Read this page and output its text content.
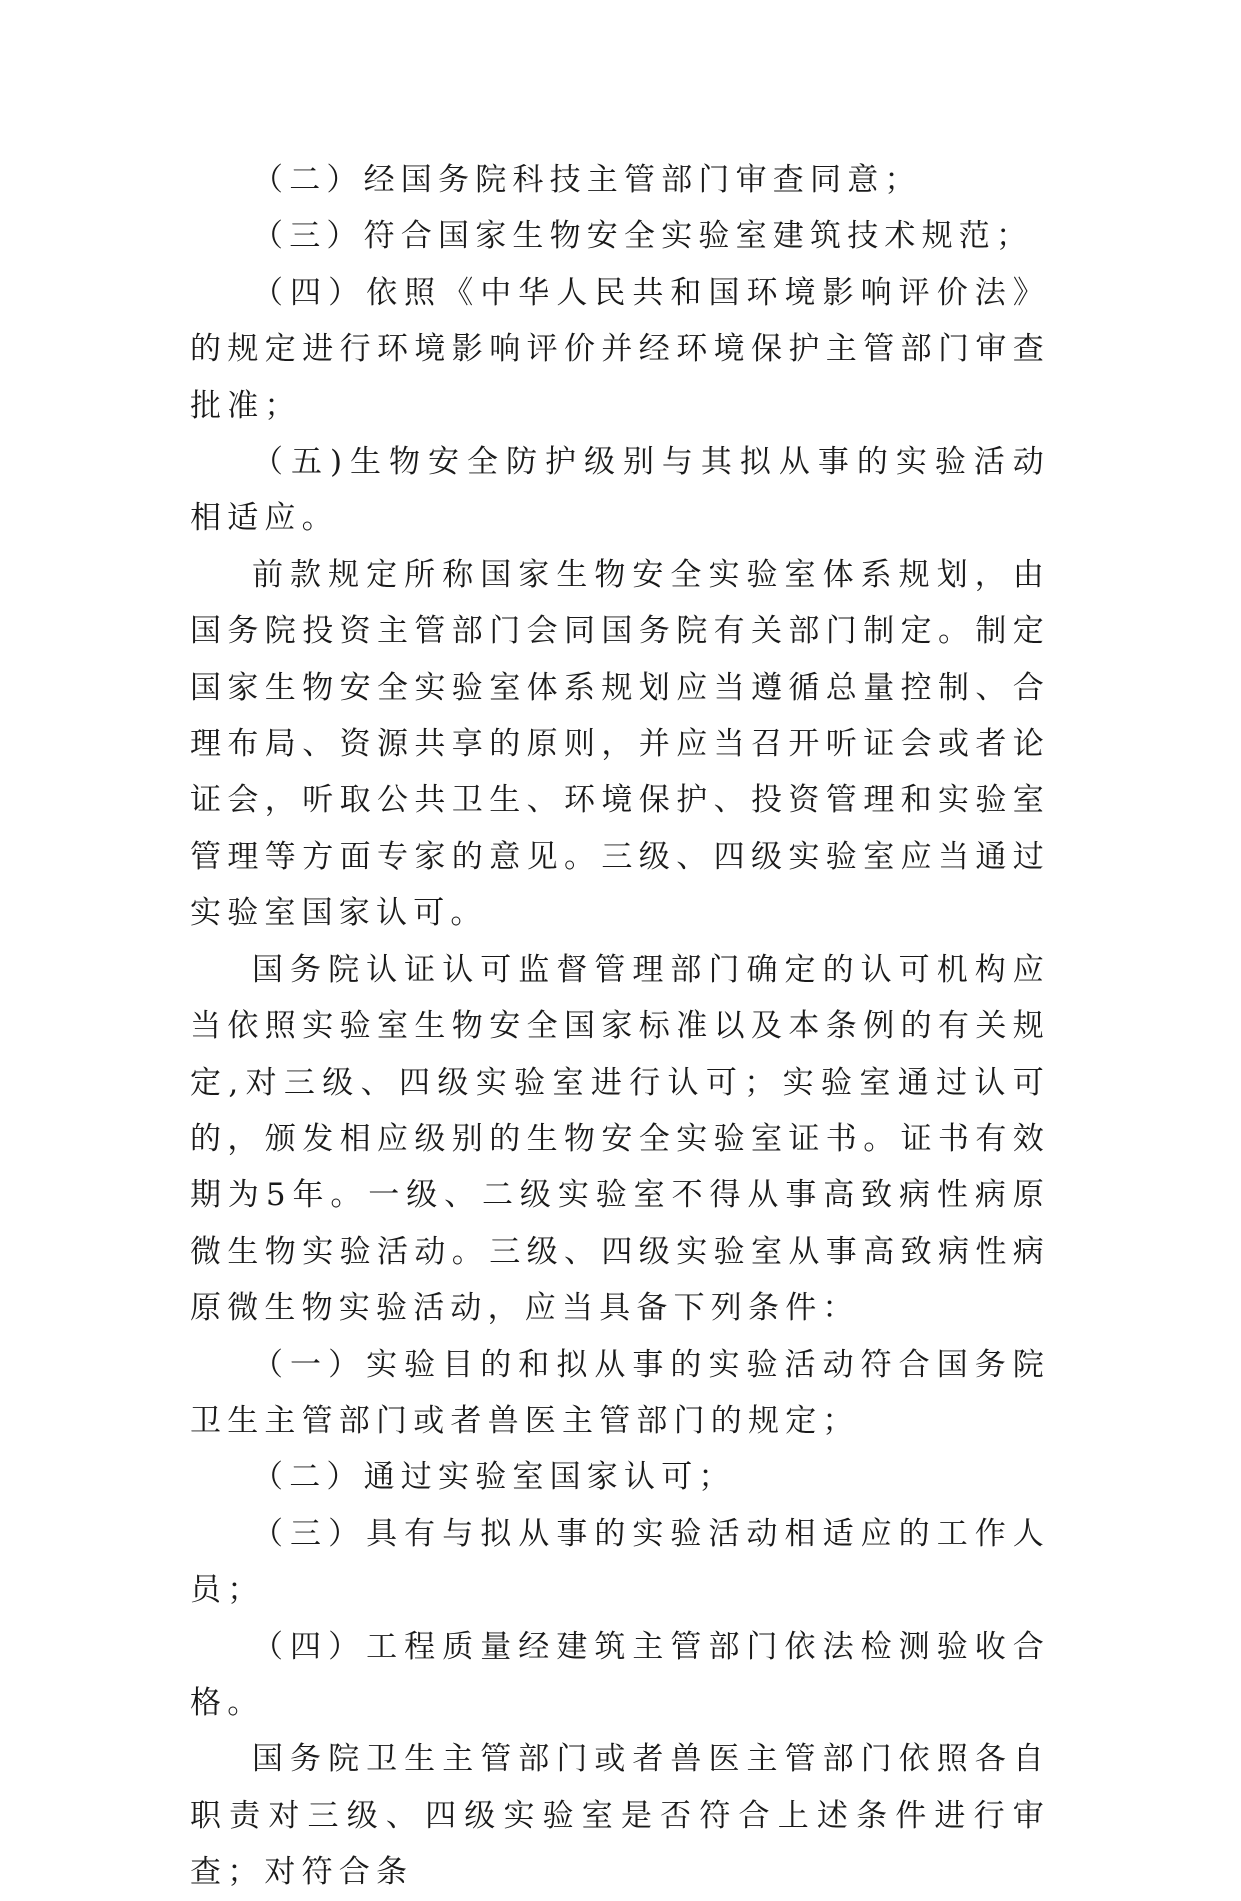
（二）经国务院科技主管部门审查同意；

（三）符合国家生物安全实验室建筑技术规范；

（四）依照《中华人民共和国环境影响评价法》的规定进行环境影响评价并经环境保护主管部门审查批准；

（五)生物安全防护级别与其拟从事的实验活动相适应。

前款规定所称国家生物安全实验室体系规划，由国务院投资主管部门会同国务院有关部门制定。制定国家生物安全实验室体系规划应当遵循总量控制、合理布局、资源共享的原则，并应当召开听证会或者论证会，听取公共卫生、环境保护、投资管理和实验室管理等方面专家的意见。三级、四级实验室应当通过实验室国家认可。

国务院认证认可监督管理部门确定的认可机构应当依照实验室生物安全国家标准以及本条例的有关规定,对三级、四级实验室进行认可；实验室通过认可的，颁发相应级别的生物安全实验室证书。证书有效期为5年。一级、二级实验室不得从事高致病性病原微生物实验活动。三级、四级实验室从事高致病性病原微生物实验活动，应当具备下列条件：

（一）实验目的和拟从事的实验活动符合国务院卫生主管部门或者兽医主管部门的规定；

（二）通过实验室国家认可；

（三）具有与拟从事的实验活动相适应的工作人员；

（四）工程质量经建筑主管部门依法检测验收合格。

国务院卫生主管部门或者兽医主管部门依照各自职责对三级、四级实验室是否符合上述条件进行审查；对符合条
